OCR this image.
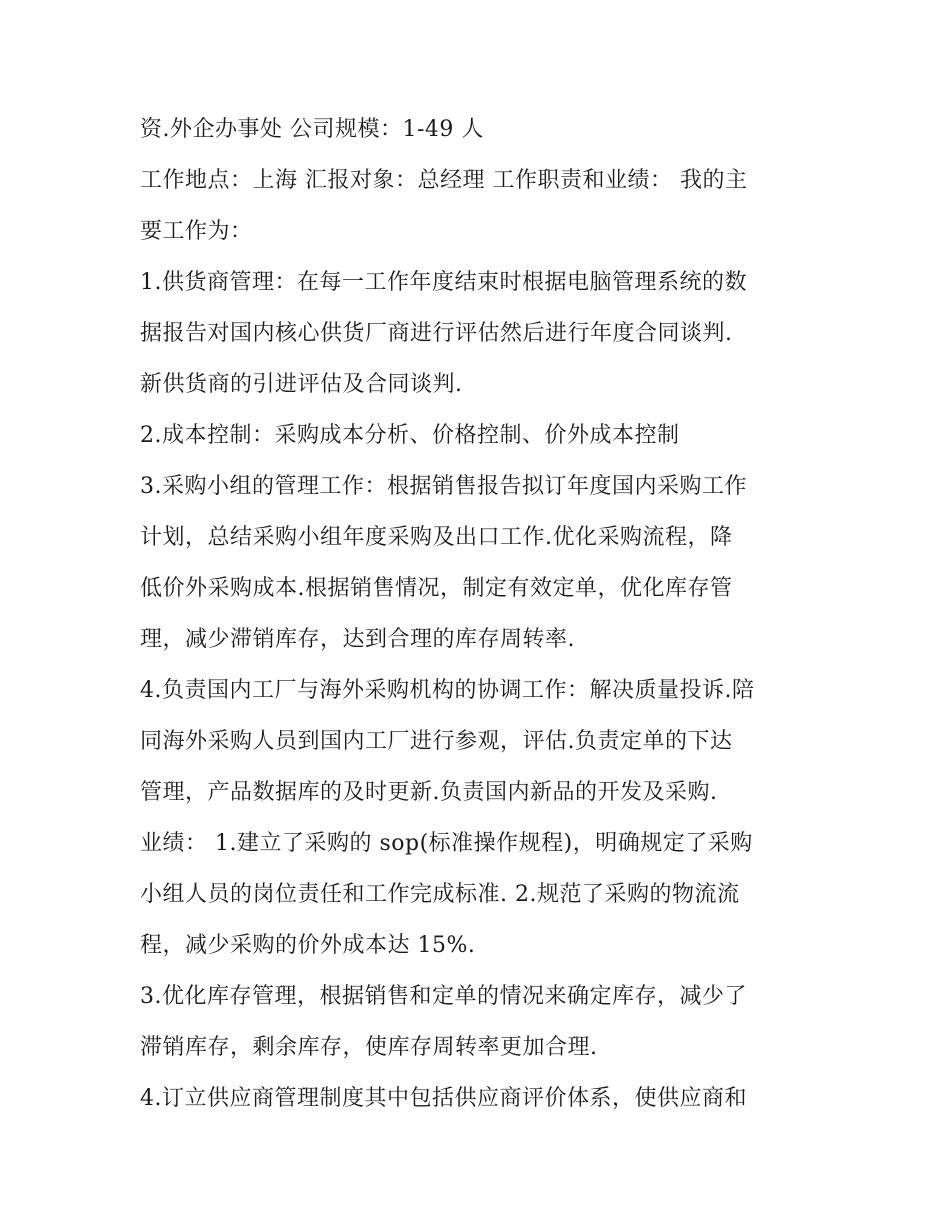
资.外企办事处 公司规模：1-49 人
工作地点：上海 汇报对象：总经理 工作职责和业绩： 我的主
要工作为：
1.供货商管理：在每一工作年度结束时根据电脑管理系统的数
据报告对国内核心供货厂商进行评估然后进行年度合同谈判.
新供货商的引进评估及合同谈判.
2.成本控制：采购成本分析、价格控制、价外成本控制
3.采购小组的管理工作：根据销售报告拟订年度国内采购工作
计划，总结采购小组年度采购及出口工作.优化采购流程，降
低价外采购成本.根据销售情况，制定有效定单，优化库存管
理，减少滞销库存，达到合理的库存周转率.
4.负责国内工厂与海外采购机构的协调工作：解决质量投诉.陪
同海外采购人员到国内工厂进行参观，评估.负责定单的下达
管理，产品数据库的及时更新.负责国内新品的开发及采购.
业绩： 1.建立了采购的 sop(标准操作规程)，明确规定了采购
小组人员的岗位责任和工作完成标准. 2.规范了采购的物流流
程，减少采购的价外成本达 15%.
3.优化库存管理，根据销售和定单的情况来确定库存，减少了
滞销库存，剩余库存，使库存周转率更加合理.
4.订立供应商管理制度其中包括供应商评价体系，使供应商和
